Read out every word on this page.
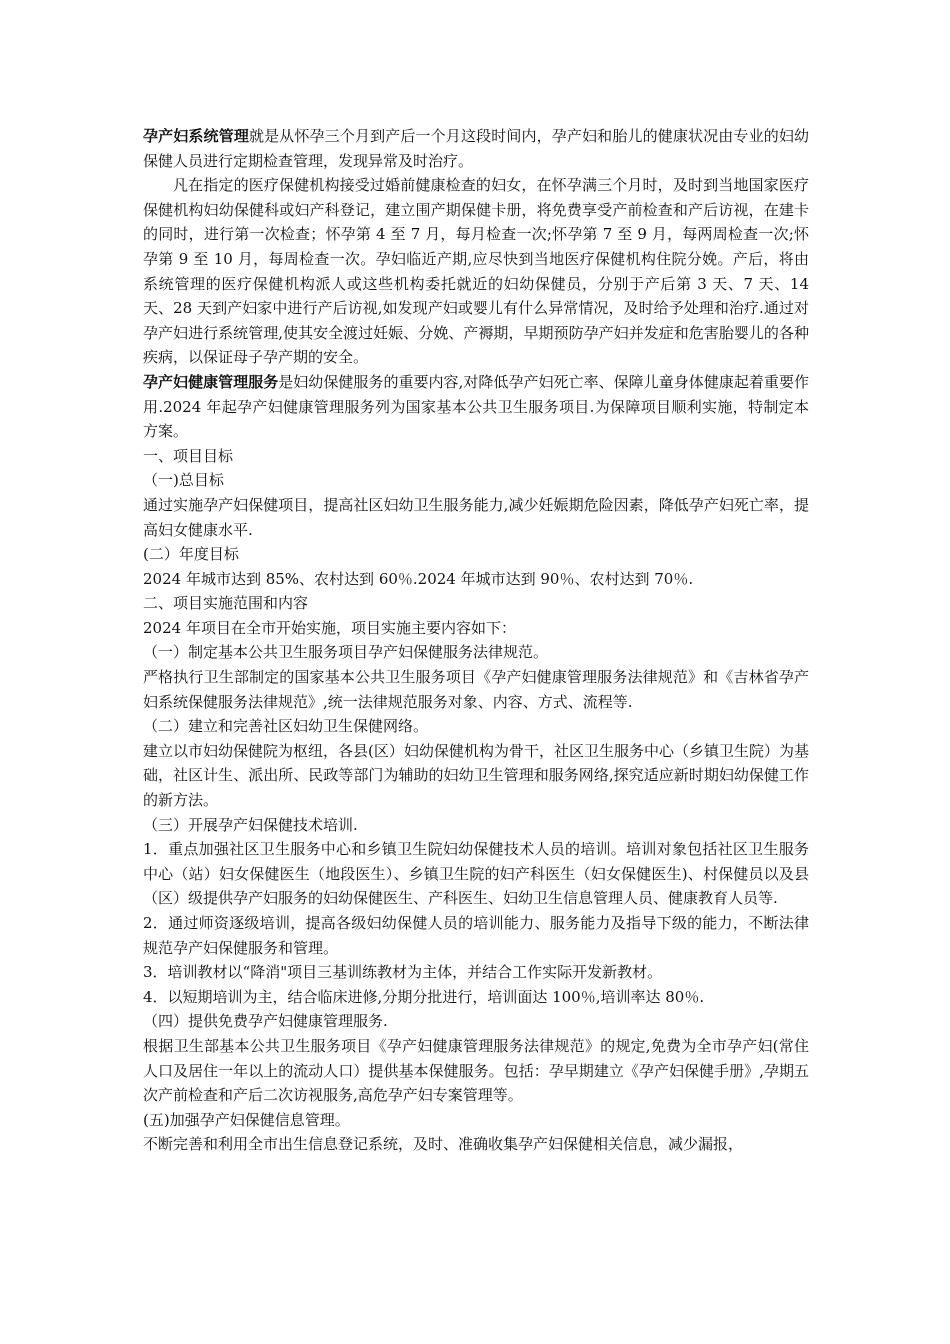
孕产妇系统管理就是从怀孕三个月到产后一个月这段时间内，孕产妇和胎儿的健康状况由专业的妇幼保健人员进行定期检查管理，发现异常及时治疗。

凡在指定的医疗保健机构接受过婚前健康检查的妇女，在怀孕满三个月时，及时到当地国家医疗保健机构妇幼保健科或妇产科登记，建立围产期保健卡册，将免费享受产前检查和产后访视，在建卡的同时，进行第一次检查；怀孕第 4 至 7 月，每月检查一次;怀孕第 7 至 9 月，每两周检查一次;怀孕第 9 至 10 月，每周检查一次。孕妇临近产期,应尽快到当地医疗保健机构住院分娩。产后，将由系统管理的医疗保健机构派人或这些机构委托就近的妇幼保健员，分别于产后第 3 天、7 天、14 天、28 天到产妇家中进行产后访视,如发现产妇或婴儿有什么异常情况，及时给予处理和治疗.通过对孕产妇进行系统管理,使其安全渡过妊娠、分娩、产褥期，早期预防孕产妇并发症和危害胎婴儿的各种疾病，以保证母子孕产期的安全。

孕产妇健康管理服务是妇幼保健服务的重要内容,对降低孕产妇死亡率、保障儿童身体健康起着重要作用.2024 年起孕产妇健康管理服务列为国家基本公共卫生服务项目.为保障项目顺利实施，特制定本方案。

一、项目目标

（一)总目标

通过实施孕产妇保健项目，提高社区妇幼卫生服务能力,减少妊娠期危险因素，降低孕产妇死亡率，提高妇女健康水平.

(二）年度目标

2024 年城市达到 85%、农村达到 60％.2024 年城市达到 90％、农村达到 70％.

二、项目实施范围和内容

2024 年项目在全市开始实施，项目实施主要内容如下：

（一）制定基本公共卫生服务项目孕产妇保健服务法律规范。

严格执行卫生部制定的国家基本公共卫生服务项目《孕产妇健康管理服务法律规范》和《吉林省孕产妇系统保健服务法律规范》,统一法律规范服务对象、内容、方式、流程等.

（二）建立和完善社区妇幼卫生保健网络。

建立以市妇幼保健院为枢纽，各县(区）妇幼保健机构为骨干，社区卫生服务中心（乡镇卫生院）为基础，社区计生、派出所、民政等部门为辅助的妇幼卫生管理和服务网络,探究适应新时期妇幼保健工作的新方法。

（三）开展孕产妇保健技术培训.

1．重点加强社区卫生服务中心和乡镇卫生院妇幼保健技术人员的培训。培训对象包括社区卫生服务中心（站）妇女保健医生（地段医生）、乡镇卫生院的妇产科医生（妇女保健医生)、村保健员以及县（区）级提供孕产妇服务的妇幼保健医生、产科医生、妇幼卫生信息管理人员、健康教育人员等.

2．通过师资逐级培训，提高各级妇幼保健人员的培训能力、服务能力及指导下级的能力，不断法律规范孕产妇保健服务和管理。

3．培训教材以“降消"项目三基训练教材为主体，并结合工作实际开发新教材。

4．以短期培训为主，结合临床进修,分期分批进行，培训面达 100％,培训率达 80％.

（四）提供免费孕产妇健康管理服务.

根据卫生部基本公共卫生服务项目《孕产妇健康管理服务法律规范》的规定,免费为全市孕产妇(常住人口及居住一年以上的流动人口）提供基本保健服务。包括：孕早期建立《孕产妇保健手册》,孕期五次产前检查和产后二次访视服务,高危孕产妇专案管理等。

(五)加强孕产妇保健信息管理。

不断完善和利用全市出生信息登记系统，及时、准确收集孕产妇保健相关信息，减少漏报，
